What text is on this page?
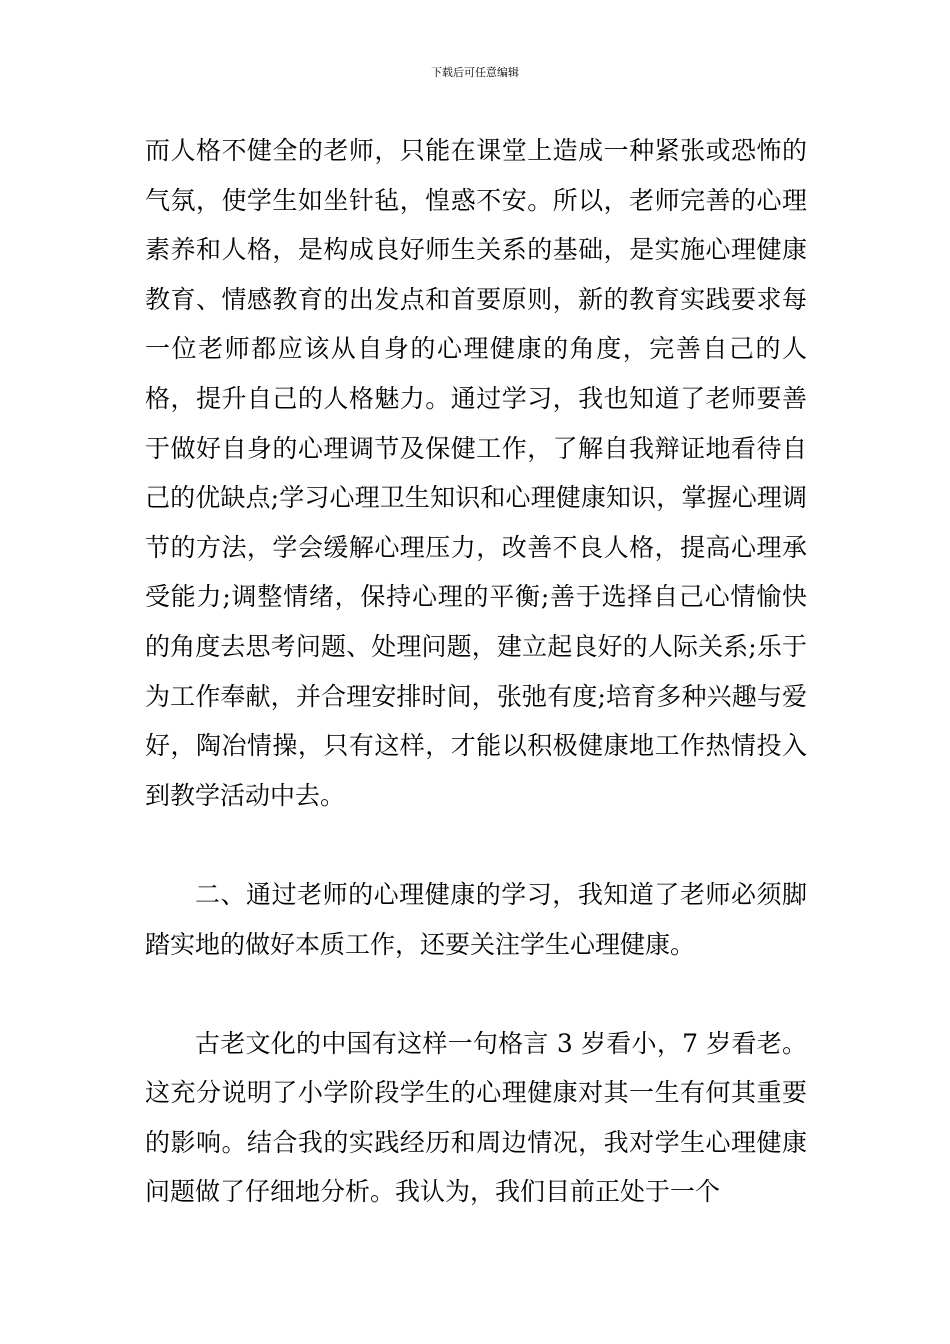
下载后可任意编辑

而人格不健全的老师，只能在课堂上造成一种紧张或恐怖的气氛，使学生如坐针毡，惶惑不安。所以，老师完善的心理素养和人格，是构成良好师生关系的基础，是实施心理健康教育、情感教育的出发点和首要原则，新的教育实践要求每一位老师都应该从自身的心理健康的角度，完善自己的人格，提升自己的人格魅力。通过学习，我也知道了老师要善于做好自身的心理调节及保健工作，了解自我辩证地看待自己的优缺点;学习心理卫生知识和心理健康知识，掌握心理调节的方法，学会缓解心理压力，改善不良人格，提高心理承受能力;调整情绪，保持心理的平衡;善于选择自己心情愉快的角度去思考问题、处理问题，建立起良好的人际关系;乐于为工作奉献，并合理安排时间，张弛有度;培育多种兴趣与爱好，陶冶情操，只有这样，才能以积极健康地工作热情投入到教学活动中去。

二、通过老师的心理健康的学习，我知道了老师必须脚踏实地的做好本质工作，还要关注学生心理健康。

古老文化的中国有这样一句格言 3 岁看小，7 岁看老。这充分说明了小学阶段学生的心理健康对其一生有何其重要的影响。结合我的实践经历和周边情况，我对学生心理健康问题做了仔细地分析。我认为，我们目前正处于一个
